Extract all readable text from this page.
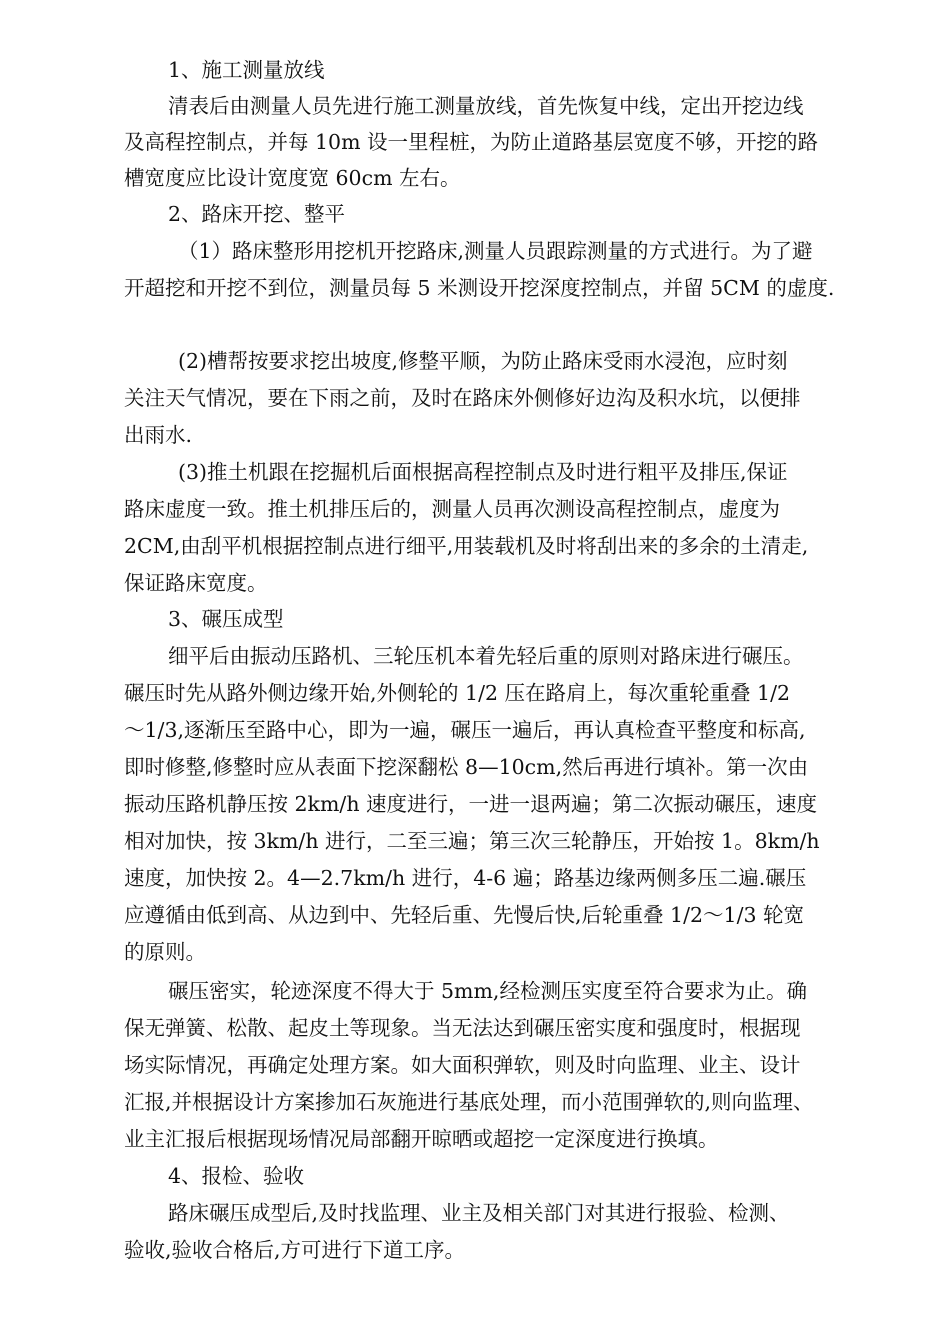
1、施工测量放线

清表后由测量人员先进行施工测量放线，首先恢复中线，定出开挖边线

及高程控制点，并每 10m 设一里程桩，为防止道路基层宽度不够，开挖的路

槽宽度应比设计宽度宽 60cm 左右。

2、路床开挖、整平

（1）路床整形用挖机开挖路床,测量人员跟踪测量的方式进行。为了避

开超挖和开挖不到位，测量员每 5 米测设开挖深度控制点，并留 5CM 的虚度.

(2)槽帮按要求挖出坡度,修整平顺，为防止路床受雨水浸泡，应时刻

关注天气情况，要在下雨之前，及时在路床外侧修好边沟及积水坑，以便排

出雨水.

(3)推土机跟在挖掘机后面根据高程控制点及时进行粗平及排压,保证

路床虚度一致。推土机排压后的，测量人员再次测设高程控制点，虚度为

2CM,由刮平机根据控制点进行细平,用装载机及时将刮出来的多余的土清走,

保证路床宽度。

3、碾压成型

细平后由振动压路机、三轮压机本着先轻后重的原则对路床进行碾压。

碾压时先从路外侧边缘开始,外侧轮的 1/2 压在路肩上，每次重轮重叠 1/2

～1/3,逐渐压至路中心，即为一遍，碾压一遍后，再认真检查平整度和标高,

即时修整,修整时应从表面下挖深翻松 8—10cm,然后再进行填补。第一次由

振动压路机静压按 2km/h 速度进行，一进一退两遍；第二次振动碾压，速度

相对加快，按 3km/h 进行，二至三遍；第三次三轮静压，开始按 1。8km/h

速度，加快按 2。4—2.7km/h 进行，4-6 遍；路基边缘两侧多压二遍.碾压

应遵循由低到高、从边到中、先轻后重、先慢后快,后轮重叠 1/2～1/3 轮宽

的原则。

碾压密实，轮迹深度不得大于 5mm,经检测压实度至符合要求为止。确

保无弹簧、松散、起皮土等现象。当无法达到碾压密实度和强度时，根据现

场实际情况，再确定处理方案。如大面积弹软，则及时向监理、业主、设计

汇报,并根据设计方案掺加石灰施进行基底处理，而小范围弹软的,则向监理、

业主汇报后根据现场情况局部翻开晾晒或超挖一定深度进行换填。

4、报检、验收

路床碾压成型后,及时找监理、业主及相关部门对其进行报验、检测、

验收,验收合格后,方可进行下道工序。
